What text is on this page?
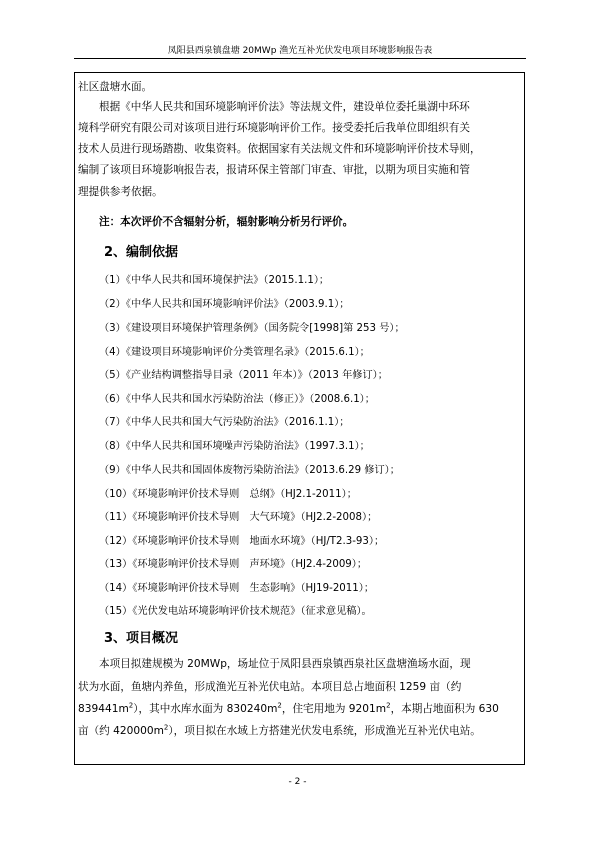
凤阳县西泉镇盘塘 20MWp 渔光互补光伏发电项目环境影响报告表
社区盘塘水面。
根据《中华人民共和国环境影响评价法》等法规文件，建设单位委托巢湖中环环
境科学研究有限公司对该项目进行环境影响评价工作。接受委托后我单位即组织有关
技术人员进行现场踏勘、收集资料。依据国家有关法规文件和环境影响评价技术导则，
编制了该项目环境影响报告表，报请环保主管部门审查、审批，以期为项目实施和管
理提供参考依据。
注：本次评价不含辐射分析，辐射影响分析另行评价。
2、编制依据
（1）《中华人民共和国环境保护法》（2015.1.1）；
（2）《中华人民共和国环境影响评价法》（2003.9.1）；
（3）《建设项目环境保护管理条例》（国务院令[1998]第 253 号）；
（4）《建设项目环境影响评价分类管理名录》（2015.6.1）；
（5）《产业结构调整指导目录（2011 年本）》（2013 年修订）；
（6）《中华人民共和国水污染防治法（修正）》（2008.6.1）；
（7）《中华人民共和国大气污染防治法》（2016.1.1）；
（8）《中华人民共和国环境噪声污染防治法》（1997.3.1）；
（9）《中华人民共和国固体废物污染防治法》（2013.6.29 修订）；
（10）《环境影响评价技术导则　总纲》（HJ2.1-2011）；
（11）《环境影响评价技术导则　大气环境》（HJ2.2-2008）；
（12）《环境影响评价技术导则　地面水环境》（HJ/T2.3-93）；
（13）《环境影响评价技术导则　声环境》（HJ2.4-2009）；
（14）《环境影响评价技术导则　生态影响》（HJ19-2011）；
（15）《光伏发电站环境影响评价技术规范》（征求意见稿）。
3、项目概况
本项目拟建规模为 20MWp，场址位于凤阳县西泉镇西泉社区盘塘渔场水面，现
状为水面，鱼塘内养鱼，形成渔光互补光伏电站。本项目总占地面积 1259 亩（约
$839441m^2$），其中水库水面为 $830240m^2$，住宅用地为 $9201m^2$，本期占地面积为 630
亩（约 $420000m^2$），项目拟在水域上方搭建光伏发电系统，形成渔光互补光伏电站。
- 2 -
